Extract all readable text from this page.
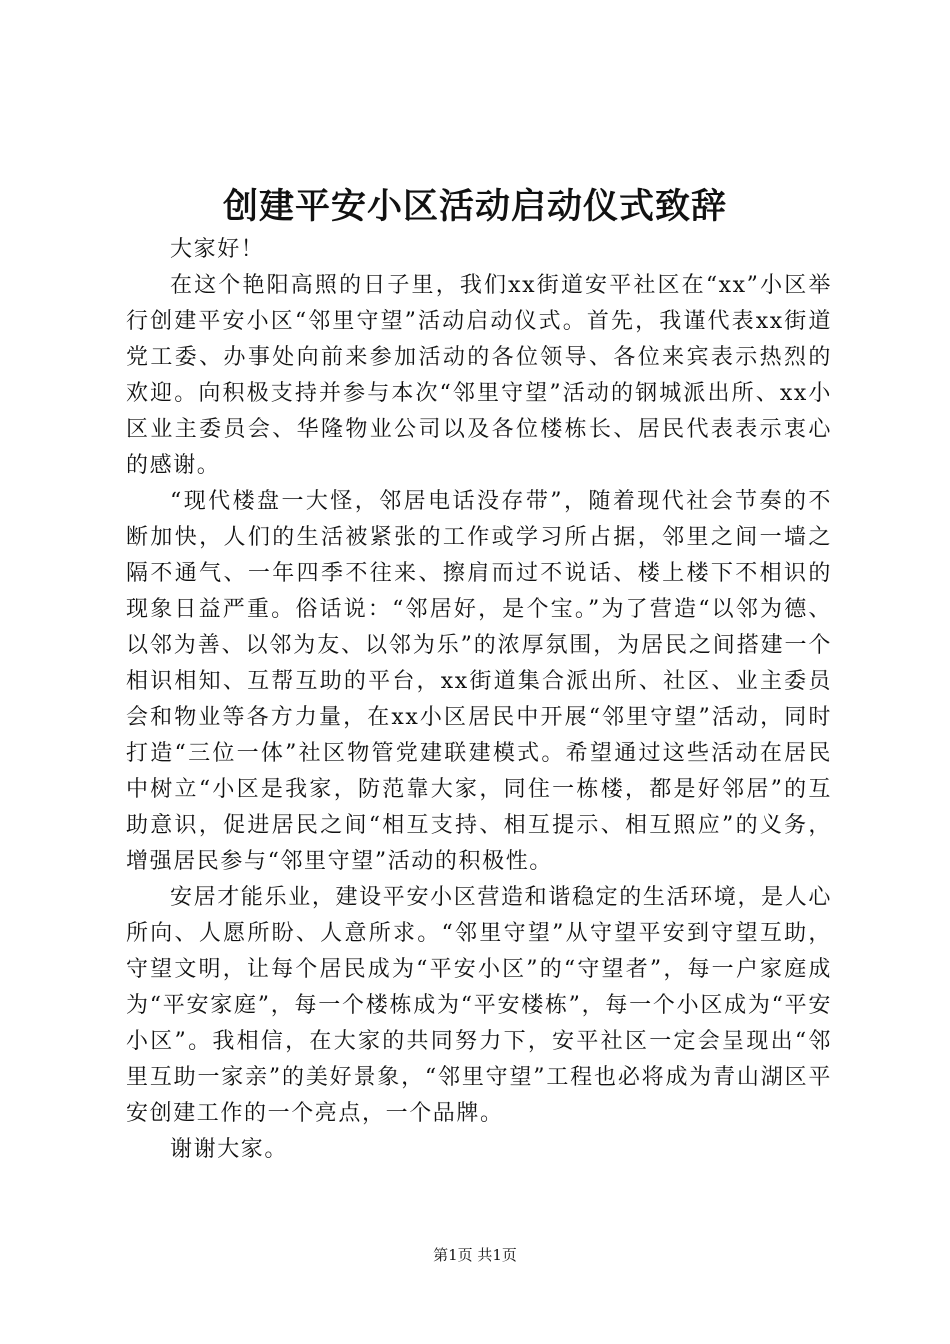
创建平安小区活动启动仪式致辞

大家好！

在这个艳阳高照的日子里，我们xx街道安平社区在“xx”小区举行创建平安小区“邻里守望”活动启动仪式。首先，我谨代表xx街道党工委、办事处向前来参加活动的各位领导、各位来宾表示热烈的欢迎。向积极支持并参与本次“邻里守望”活动的钢城派出所、xx小区业主委员会、华隆物业公司以及各位楼栋长、居民代表表示衷心的感谢。

“现代楼盘一大怪，邻居电话没存带”，随着现代社会节奏的不断加快，人们的生活被紧张的工作或学习所占据，邻里之间一墙之隔不通气、一年四季不往来、擦肩而过不说话、楼上楼下不相识的现象日益严重。俗话说：“邻居好，是个宝。”为了营造“以邻为德、以邻为善、以邻为友、以邻为乐”的浓厚氛围，为居民之间搭建一个相识相知、互帮互助的平台，xx街道集合派出所、社区、业主委员会和物业等各方力量，在xx小区居民中开展“邻里守望”活动，同时打造“三位一体”社区物管党建联建模式。希望通过这些活动在居民中树立“小区是我家，防范靠大家，同住一栋楼，都是好邻居”的互助意识，促进居民之间“相互支持、相互提示、相互照应”的义务，增强居民参与“邻里守望”活动的积极性。

安居才能乐业，建设平安小区营造和谐稳定的生活环境，是人心所向、人愿所盼、人意所求。“邻里守望”从守望平安到守望互助，守望文明，让每个居民成为“平安小区”的“守望者”，每一户家庭成为“平安家庭”，每一个楼栋成为“平安楼栋”，每一个小区成为“平安小区”。我相信，在大家的共同努力下，安平社区一定会呈现出“邻里互助一家亲”的美好景象，“邻里守望”工程也必将成为青山湖区平安创建工作的一个亮点，一个品牌。

谢谢大家。

第1页 共1页
